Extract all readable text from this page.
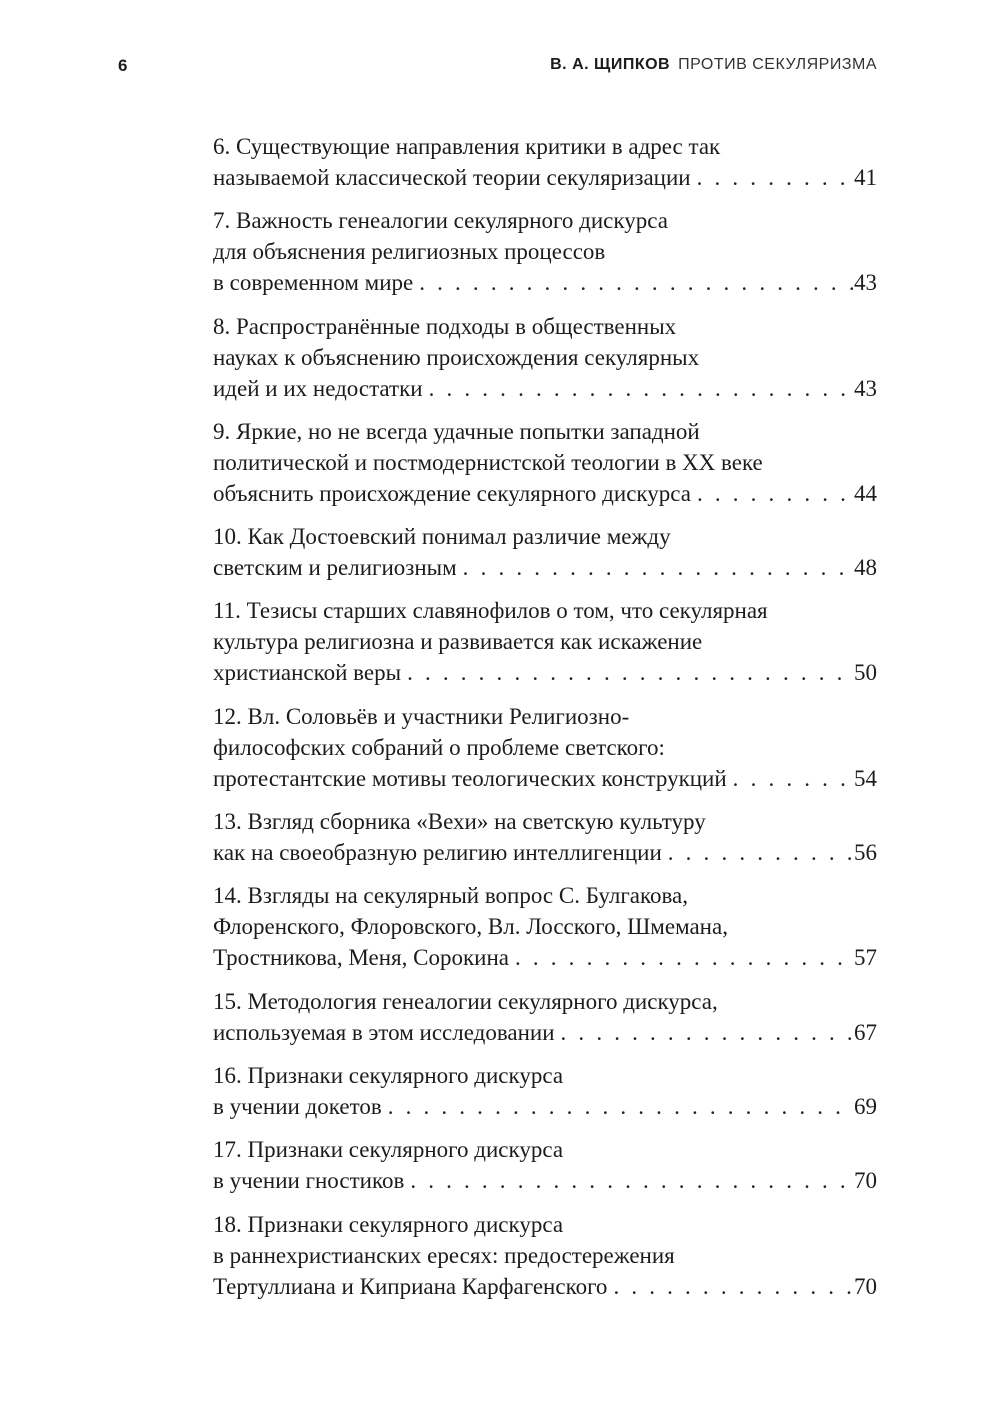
6	В. А. ЩИПКОВ ПРОТИВ СЕКУЛЯРИЗМА
6. Существующие направления критики в адрес так
называемой классической теории секуляризации . . .	41
7. Важность генеалогии секулярного дискурса
для объяснения религиозных процессов
в современном мире . . .	43
8. Распространённые подходы в общественных
науках к объяснению происхождения секулярных
идей и их недостатки . . .	43
9. Яркие, но не всегда удачные попытки западной
политической и постмодернистской теологии в XX веке
объяснить происхождение секулярного дискурса . . .	44
10. Как Достоевский понимал различие между
светским и религиозным . . .	48
11. Тезисы старших славянофилов о том, что секулярная
культура религиозна и развивается как искажение
христианской веры . . .	50
12. Вл. Соловьёв и участники Религиозно-
философских собраний о проблеме светского:
протестантские мотивы теологических конструкций . . .	54
13. Взгляд сборника «Вехи» на светскую культуру
как на своеобразную религию интеллигенции . . .	56
14. Взгляды на секулярный вопрос С. Булгакова,
Флоренского, Флоровского, Вл. Лосского, Шмемана,
Тростникова, Меня, Сорокина . . .	57
15. Методология генеалогии секулярного дискурса,
используемая в этом исследовании . . .	67
16. Признаки секулярного дискурса
в учении докетов . . .	69
17. Признаки секулярного дискурса
в учении гностиков . . .	70
18. Признаки секулярного дискурса
в раннехристианских ересях: предостережения
Тертуллиана и Киприана Карфагенского . . .	70
